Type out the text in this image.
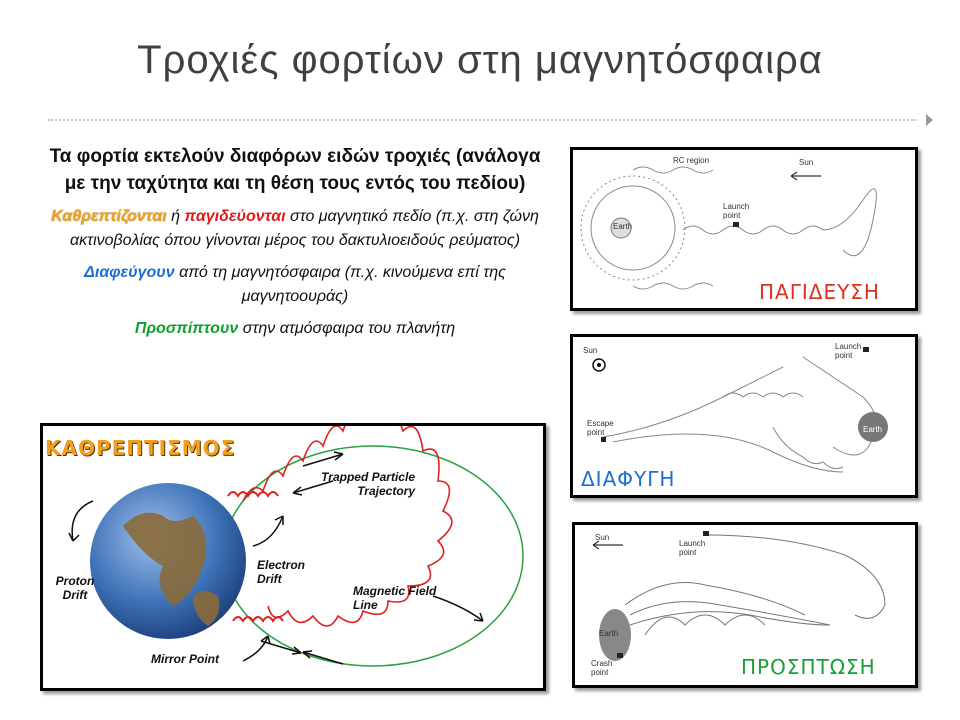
Τροχιές φορτίων στη μαγνητόσφαιρα
Τα φορτία εκτελούν διαφόρων ειδών τροχιές (ανάλογα με την ταχύτητα και τη θέση τους εντός του πεδίου)
Καθρεπτίζονται ή παγιδεύονται στο μαγνητικό πεδίο (π.χ. στη ζώνη ακτινοβολίας όπου γίνονται μέρος του δακτυλιοειδούς ρεύματος)
Διαφεύγουν από τη μαγνητόσφαιρα (π.χ. κινούμενα επί της μαγνητοουράς)
Προσπίπτουν στην ατμόσφαιρα του πλανήτη
RC region	Sun
Launch point
Earth
ΠΑΓΙΔΕΥΣΗ
Sun	Launch point
Escape point	Earth
ΔΙΑΦΥΓΗ
Sun
Launch point
Earth
Crash point	ΠΡΟΣΠΤΩΣΗ
ΚΑΘΡΕΠΤΙΣΜΟΣ
Trapped Particle Trajectory
Electron Drift
Proton Drift	Magnetic Field Line
Mirror Point
